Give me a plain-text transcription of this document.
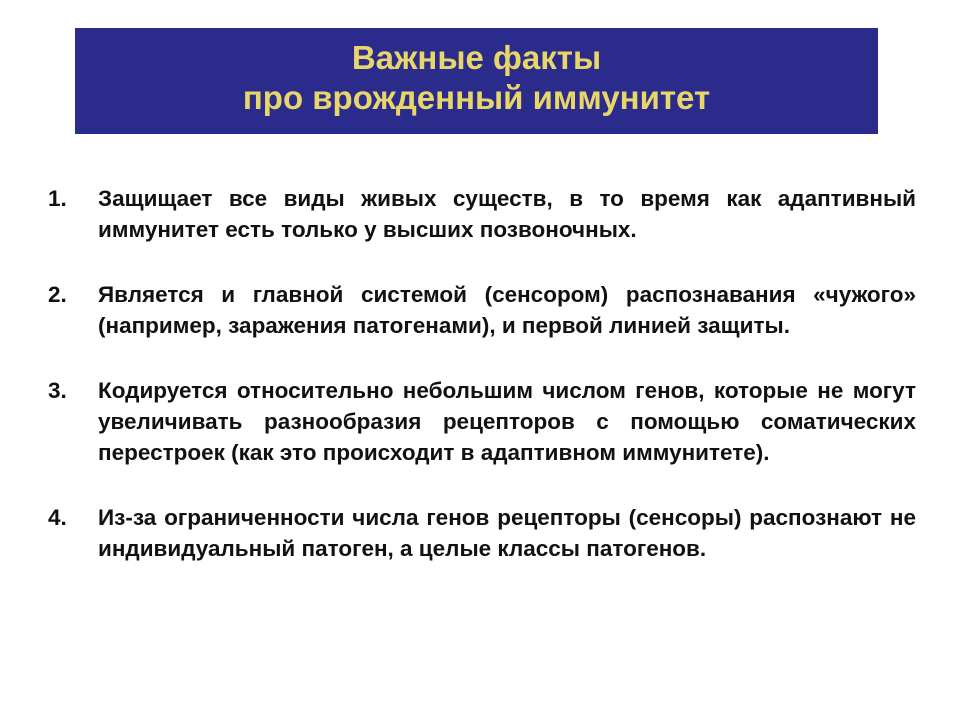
Важные факты
про врожденный иммунитет
1.	Защищает все виды живых существ, в то время как адаптивный иммунитет есть только у высших позвоночных.
2.	Является и главной системой (сенсором) распознавания «чужого» (например, заражения патогенами), и первой линией защиты.
3.	Кодируется относительно небольшим числом генов, которые не могут увеличивать разнообразия рецепторов с помощью соматических перестроек (как это происходит в адаптивном иммунитете).
4.	Из-за ограниченности числа генов рецепторы (сенсоры) распознают не индивидуальный патоген, а целые классы патогенов.
